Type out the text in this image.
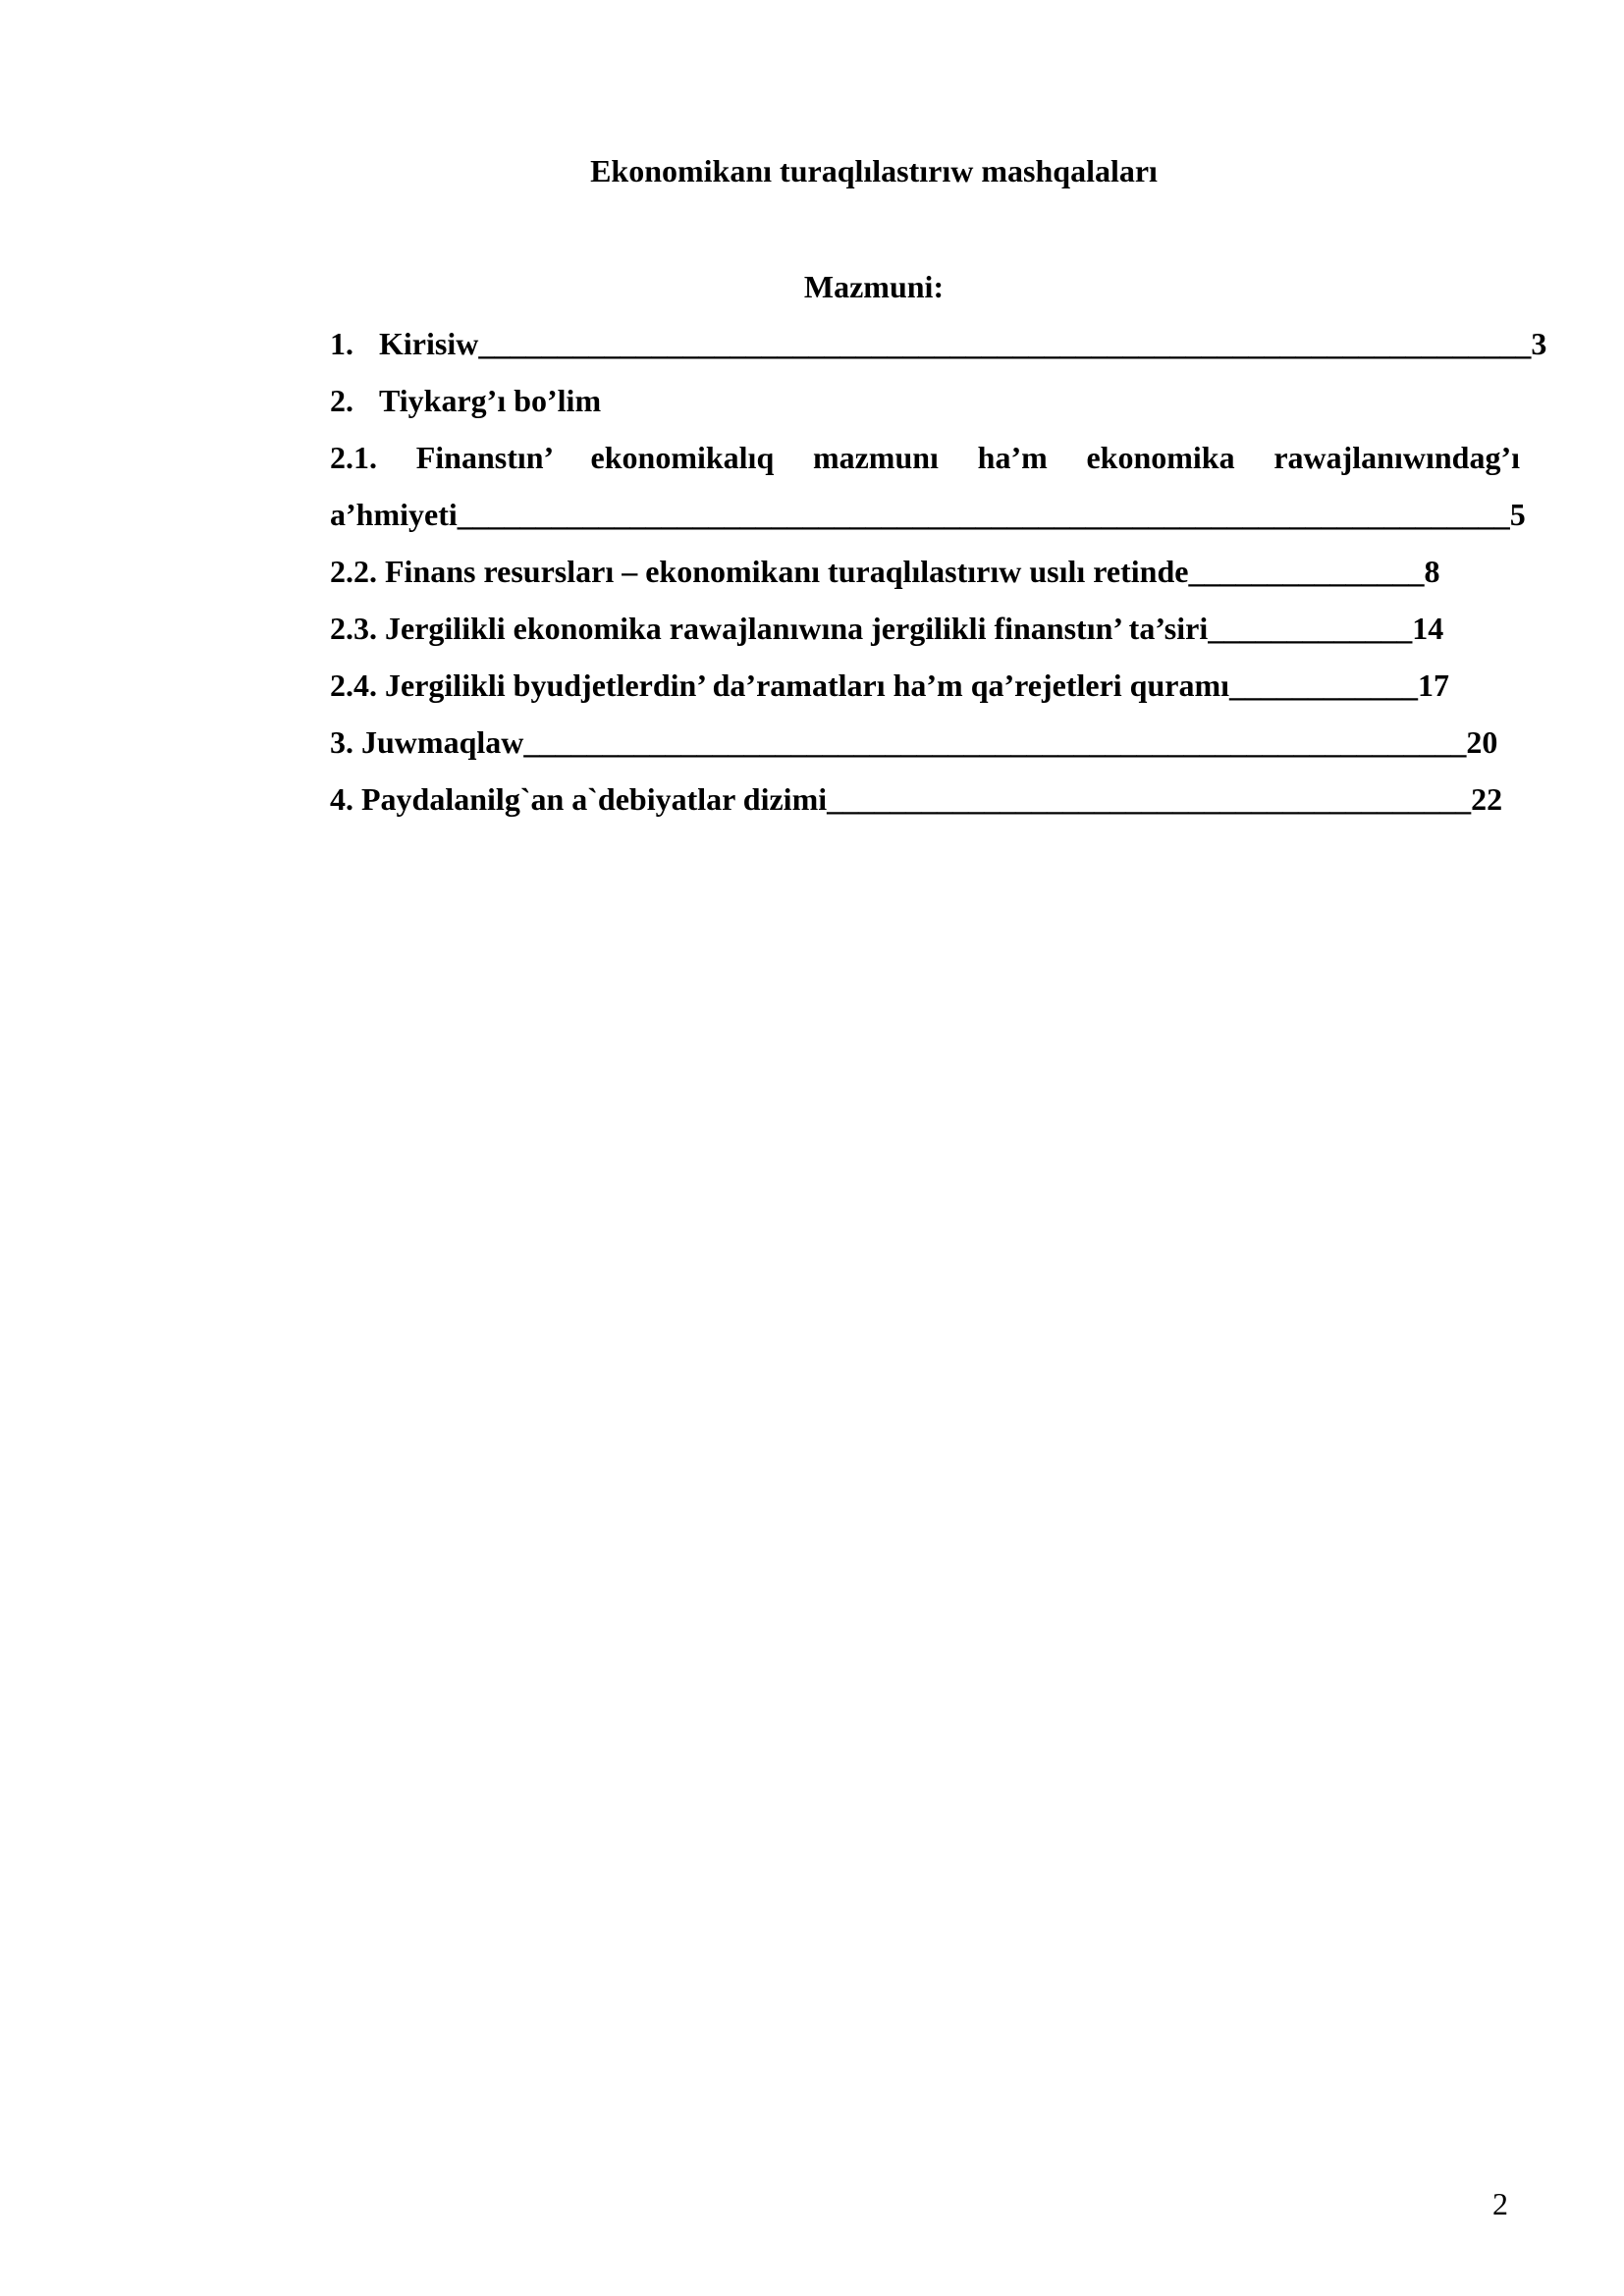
Ekonomikanı turaqlılastırıw mashqalaları
Mazmuni:
1. Kirisiw___________________________________________________________________3
2. Tiykarg’ı bo’lim
2.1. Finanstın’ ekonomikalıq mazmunı ha’m ekonomika rawajlanıwındag’ı
a’hmiyeti___________________________________________________________________5
2.2. Finans resursları – ekonomikanı turaqlılastırıw usılı retinde_______________8
2.3. Jergilikli ekonomika rawajlanıwına jergilikli finanstın’ ta’siri_____________14
2.4. Jergilikli byudjetlerdin’ da’ramatları ha’m qa’rejetleri quramı____________17
3. Juwmaqlaw____________________________________________________________20
4. Paydalanilg`an a`debiyatlar dizimi_________________________________________22
2
